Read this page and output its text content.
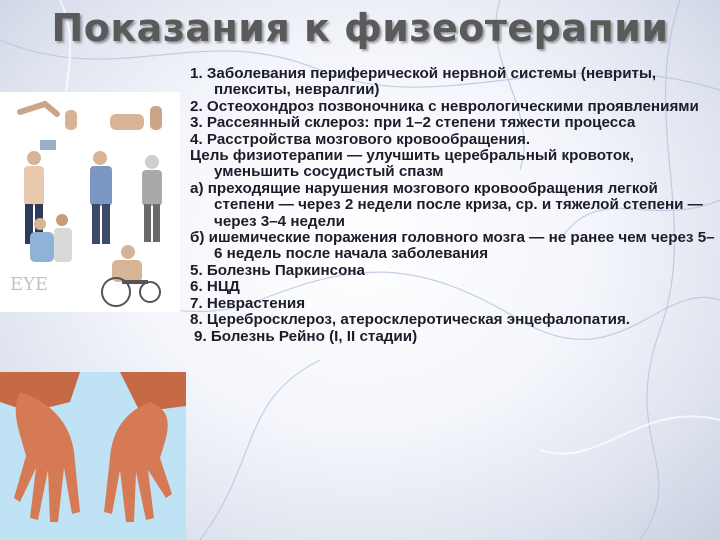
Показания к физеотерапии
EYE
1. Заболевания периферической нервной системы (невриты, плекситы, невралгии)
2. Остеохондроз позвоночника с неврологическими проявлениями
3. Рассеянный склероз: при 1–2 степени тяжести процесса
4. Расстройства мозгового кровообращения.
Цель физиотерапии — улучшить церебральный кровоток, уменьшить сосудистый спазм
а) преходящие нарушения мозгового кровообращения легкой степени — через 2 недели после криза, ср. и тяжелой степени — через 3–4 недели
б) ишемические поражения головного мозга — не ранее чем через 5–6 недель после начала заболевания
5. Болезнь Паркинсона
6. НЦД
7. Неврастения
8. Церебросклероз, атеросклеротическая энцефалопатия.
9. Болезнь Рейно (I, II стадии)
